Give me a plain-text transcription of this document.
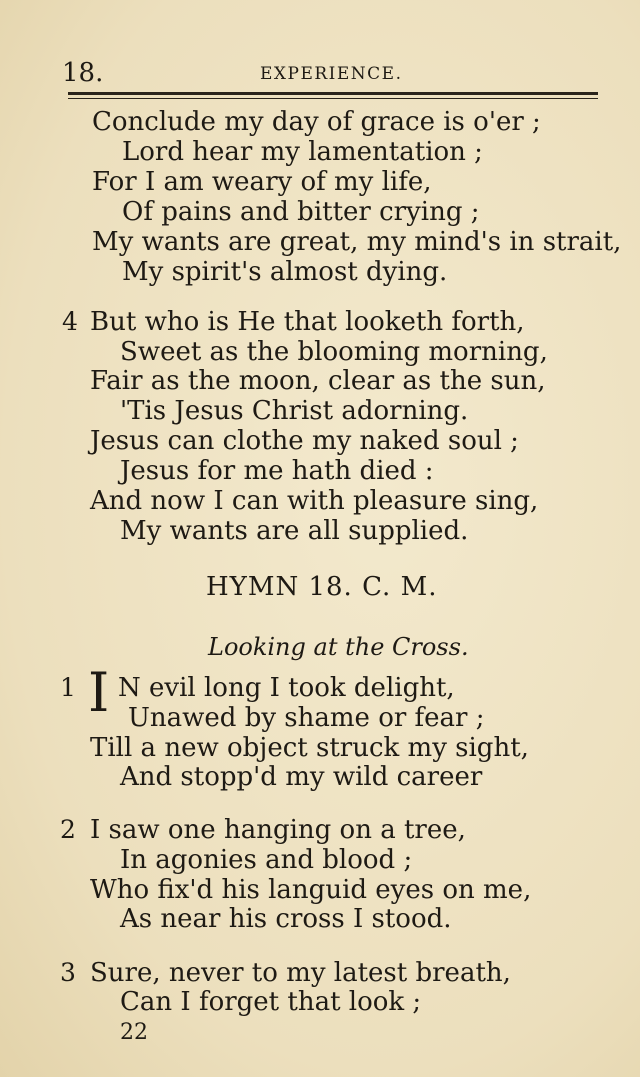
18.	EXPERIENCE.
Conclude my day of grace is o'er ;
Lord hear my lamentation ;
For I am weary of my life,
Of pains and bitter crying ;
My wants are great, my mind's in strait,
My spirit's almost dying.
4 But who is He that looketh forth,
Sweet as the blooming morning,
Fair as the moon, clear as the sun,
'Tis Jesus Christ adorning.
Jesus can clothe my naked soul ;
Jesus for me hath died :
And now I can with pleasure sing,
My wants are all supplied.
HYMN 18. C. M.
Looking at the Cross.
1 I N evil long I took delight,
Unawed by shame or fear ;
Till a new object struck my sight,
And stopp'd my wild career
2 I saw one hanging on a tree,
In agonies and blood ;
Who fix'd his languid eyes on me,
As near his cross I stood.
3 Sure, never to my latest breath,
Can I forget that look ;
22
